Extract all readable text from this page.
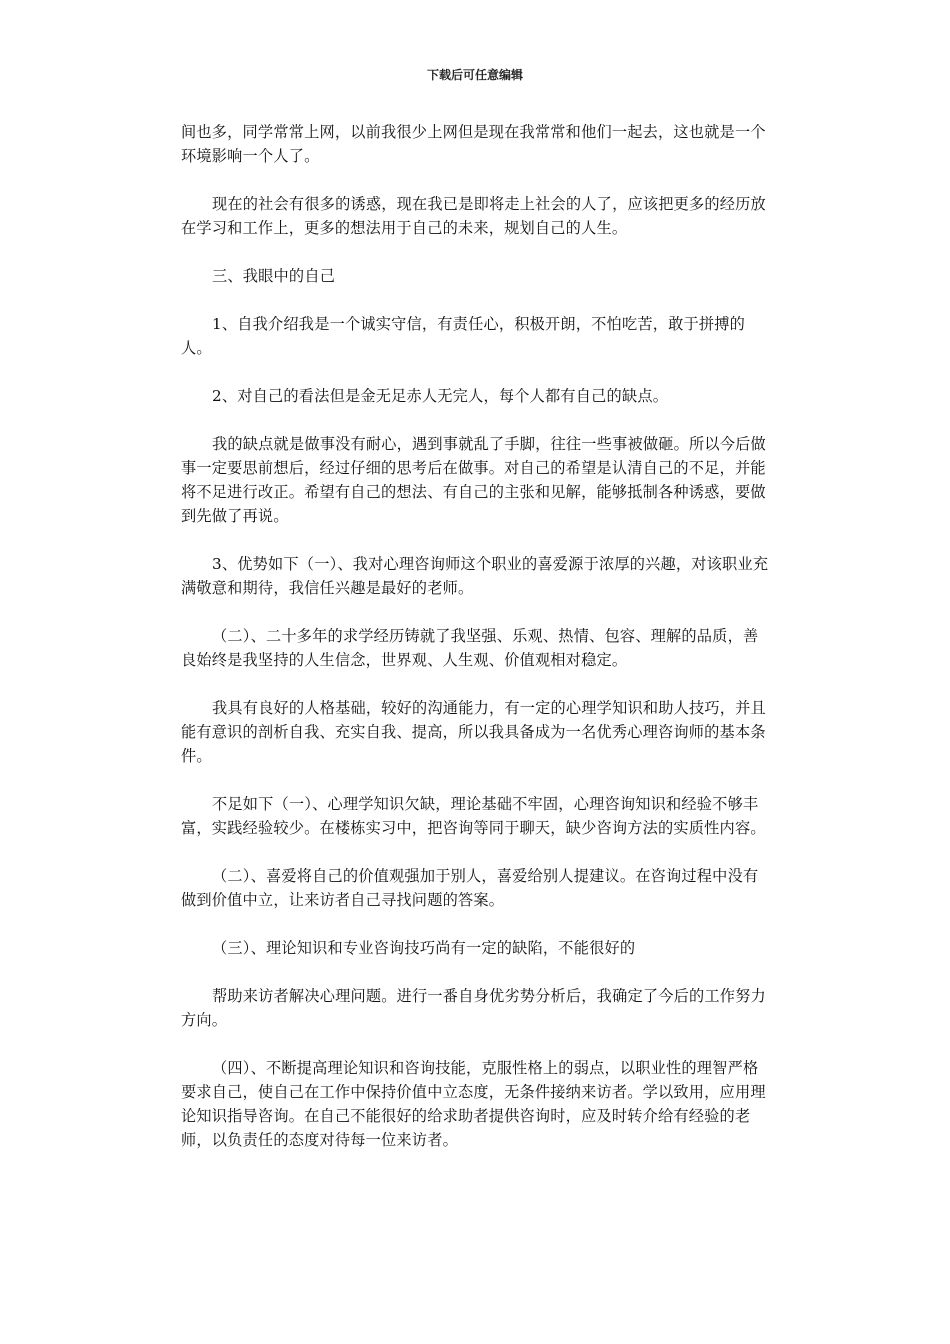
下载后可任意编辑

间也多，同学常常上网，以前我很少上网但是现在我常常和他们一起去，这也就是一个环境影响一个人了。

现在的社会有很多的诱惑，现在我已是即将走上社会的人了，应该把更多的经历放在学习和工作上，更多的想法用于自己的未来，规划自己的人生。

三、我眼中的自己

1、自我介绍我是一个诚实守信，有责任心，积极开朗，不怕吃苦，敢于拼搏的人。

2、对自己的看法但是金无足赤人无完人，每个人都有自己的缺点。

我的缺点就是做事没有耐心，遇到事就乱了手脚，往往一些事被做砸。所以今后做事一定要思前想后，经过仔细的思考后在做事。对自己的希望是认清自己的不足，并能将不足进行改正。希望有自己的想法、有自己的主张和见解，能够抵制各种诱惑，要做到先做了再说。

3、优势如下（一）、我对心理咨询师这个职业的喜爱源于浓厚的兴趣，对该职业充满敬意和期待，我信任兴趣是最好的老师。

（二）、二十多年的求学经历铸就了我坚强、乐观、热情、包容、理解的品质，善良始终是我坚持的人生信念，世界观、人生观、价值观相对稳定。

我具有良好的人格基础，较好的沟通能力，有一定的心理学知识和助人技巧，并且能有意识的剖析自我、充实自我、提高，所以我具备成为一名优秀心理咨询师的基本条件。

不足如下（一）、心理学知识欠缺，理论基础不牢固，心理咨询知识和经验不够丰富，实践经验较少。在楼栋实习中，把咨询等同于聊天，缺少咨询方法的实质性内容。

（二）、喜爱将自己的价值观强加于别人，喜爱给别人提建议。在咨询过程中没有做到价值中立，让来访者自己寻找问题的答案。

（三）、理论知识和专业咨询技巧尚有一定的缺陷，不能很好的

帮助来访者解决心理问题。进行一番自身优劣势分析后，我确定了今后的工作努力方向。

（四）、不断提高理论知识和咨询技能，克服性格上的弱点，以职业性的理智严格要求自己，使自己在工作中保持价值中立态度，无条件接纳来访者。学以致用，应用理论知识指导咨询。在自己不能很好的给求助者提供咨询时，应及时转介给有经验的老师，以负责任的态度对待每一位来访者。
